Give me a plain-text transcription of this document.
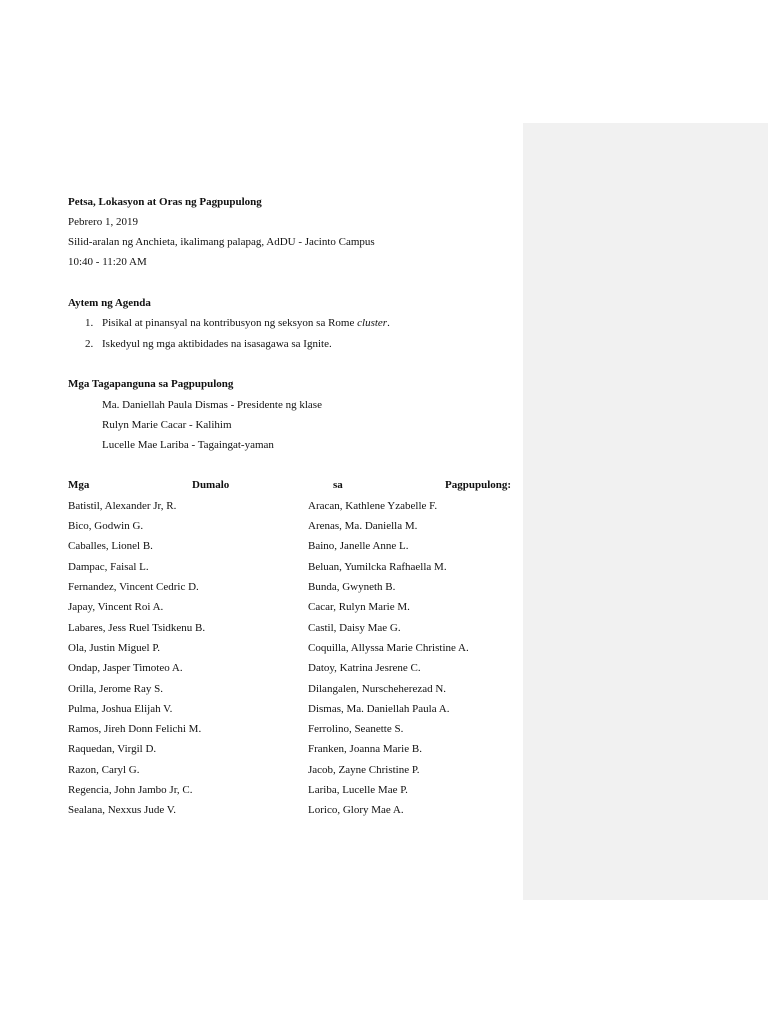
Petsa, Lokasyon at Oras ng Pagpupulong
Pebrero 1, 2019
Silid-aralan ng Anchieta, ikalimang palapag, AdDU - Jacinto Campus
10:40 - 11:20 AM
Aytem ng Agenda
1. Pisikal at pinansyal na kontribusyon ng seksyon sa Rome cluster.
2. Iskedyul ng mga aktibidades na isasagawa sa Ignite.
Mga Tagapanguna sa Pagpupulong
Ma. Daniellah Paula Dismas - Presidente ng klase
Rulyn Marie Cacar - Kalihim
Lucelle Mae Lariba - Tagaingat-yaman
Mga	Dumalo	sa	Pagpupulong:
Batistil, Alexander Jr, R.	Aracan, Kathlene Yzabelle F.
Bico, Godwin G.	Arenas, Ma. Daniella M.
Caballes, Lionel B.	Baino, Janelle Anne L.
Dampac, Faisal L.	Beluan, Yumilcka Rafhaella M.
Fernandez, Vincent Cedric D.	Bunda, Gwyneth B.
Japay, Vincent Roi A.	Cacar, Rulyn Marie M.
Labares, Jess Ruel Tsidkenu B.	Castil, Daisy Mae G.
Ola, Justin Miguel P.	Coquilla, Allyssa Marie Christine A.
Ondap, Jasper Timoteo A.	Datoy, Katrina Jesrene C.
Orilla, Jerome Ray S.	Dilangalen, Nurscheherezad N.
Pulma, Joshua Elijah V.	Dismas, Ma. Daniellah Paula A.
Ramos, Jireh Donn Felichi M.	Ferrolino, Seanette S.
Raquedan, Virgil D.	Franken, Joanna Marie B.
Razon, Caryl G.	Jacob, Zayne Christine P.
Regencia, John Jambo Jr, C.	Lariba, Lucelle Mae P.
Sealana, Nexxus Jude V.	Lorico, Glory Mae A.
